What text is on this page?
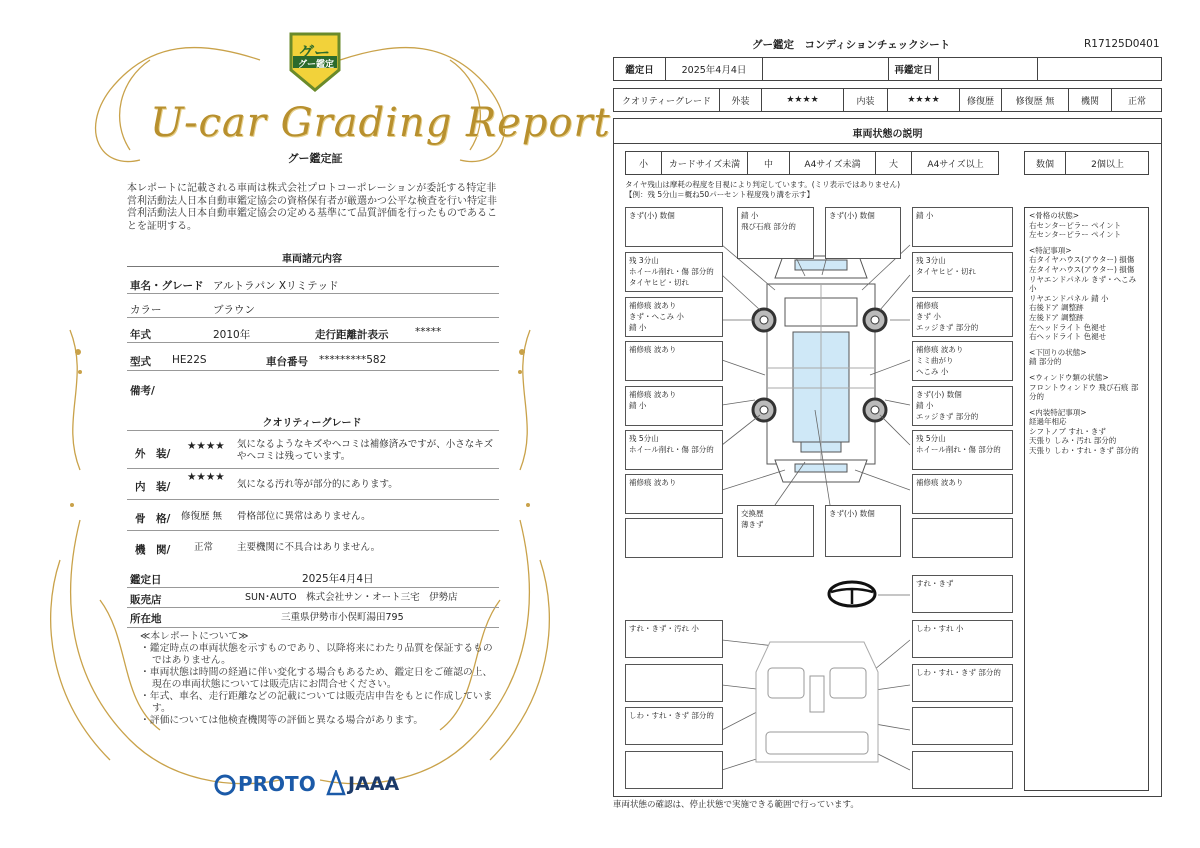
グー
グー鑑定
U-car Grading Report
グー鑑定証
本レポートに記載される車両は株式会社プロトコーポレーションが委託する特定非営利活動法人日本自動車鑑定協会の資格保有者が厳選かつ公平な検査を行い特定非営利活動法人日本自動車鑑定協会の定める基準にて品質評価を行ったものであることを証明する。
車両諸元内容
車名・グレード アルトラパン Xリミテッド
カラー	ブラウン
年式	2010年	走行距離計表示	*****
型式 HE22S	車台番号 *********582
備考/
クオリティーグレード
外　装/
★★★★ 気になるようなキズやヘコミは補修済みですが、小さなキズやヘコミは残っています。
内　装/
★★★★
気になる汚れ等が部分的にあります。
骨　格/ 修復歴 無 骨格部位に異常はありません。
機　関/ 正常	主要機関に不具合はありません。
鑑定日	2025年4月4日
販売店	SUN･AUTO　株式会社サン・オート三宅　伊勢店
所在地	三重県伊勢市小俣町湯田795
≪本レポートについて≫
・鑑定時点の車両状態を示すものであり、以降将来にわたり品質を保証するものではありません。
・車両状態は時間の経過に伴い変化する場合もあるため、鑑定日をご確認の上、現在の車両状態については販売店にお問合せください。
・年式、車名、走行距離などの記載については販売店申告をもとに作成しています。
・評価については他検査機関等の評価と異なる場合があります。
PROTO JAAA
グー鑑定　コンディションチェックシート	R17125D0401
鑑定日	2025年4月4日	再鑑定日
クオリティーグレード	外装	★★★★	内装	★★★★	修復歴	修復歴 無	機関	正常
車両状態の説明
小	カードサイズ未満	中	A4サイズ未満	大	A4サイズ以上	数個	2個以上
タイヤ残山は摩耗の程度を目視により判定しています。(ミリ表示ではありません)
【例：残 5分山＝概ね50パーセント程度残り溝を示す】
<骨格の状態>
右センターピラー ペイント
左センターピラー ペイント

<特記事項>
右タイヤハウス(アウター) 損傷
左タイヤハウス(アウター) 損傷
リヤエンドパネル きず・へこみ 小
リヤエンドパネル 錆 小
右後ドア 調整跡
左後ドア 調整跡
左ヘッドライト 色褪せ
右ヘッドライト 色褪せ

<下回りの状態>
錆 部分的

<ウィンドウ類の状態>
フロントウィンドウ 飛び石痕 部分的

<内装特記事項>
経過年相応
シフトノブ すれ・きず
天張り しみ・汚れ 部分的
天張り しわ・すれ・きず 部分的
きず(小) 数個	錆 小
飛び石痕 部分的
きず(小) 数個	錆 小
残 3分山
ホイール削れ・傷 部分的
タイヤヒビ・切れ
残 3分山
タイヤヒビ・切れ
補修痕 波あり
きず・へこみ 小
錆 小
補修痕
きず 小
エッジきず 部分的
補修痕 波あり	補修痕 波あり
ミミ曲がり
へこみ 小
補修痕 波あり
錆 小
きず(小) 数個
錆 小
エッジきず 部分的
残 5分山
ホイール削れ・傷 部分的
残 5分山
ホイール削れ・傷 部分的
補修痕 波あり	補修痕 波あり
交換歴
薄きず
きず(小) 数個
すれ・きず
すれ・きず・汚れ 小	しわ・すれ 小
しわ・すれ・きず 部分的
しわ・すれ・きず 部分的
車両状態の確認は、停止状態で実施できる範囲で行っています。
